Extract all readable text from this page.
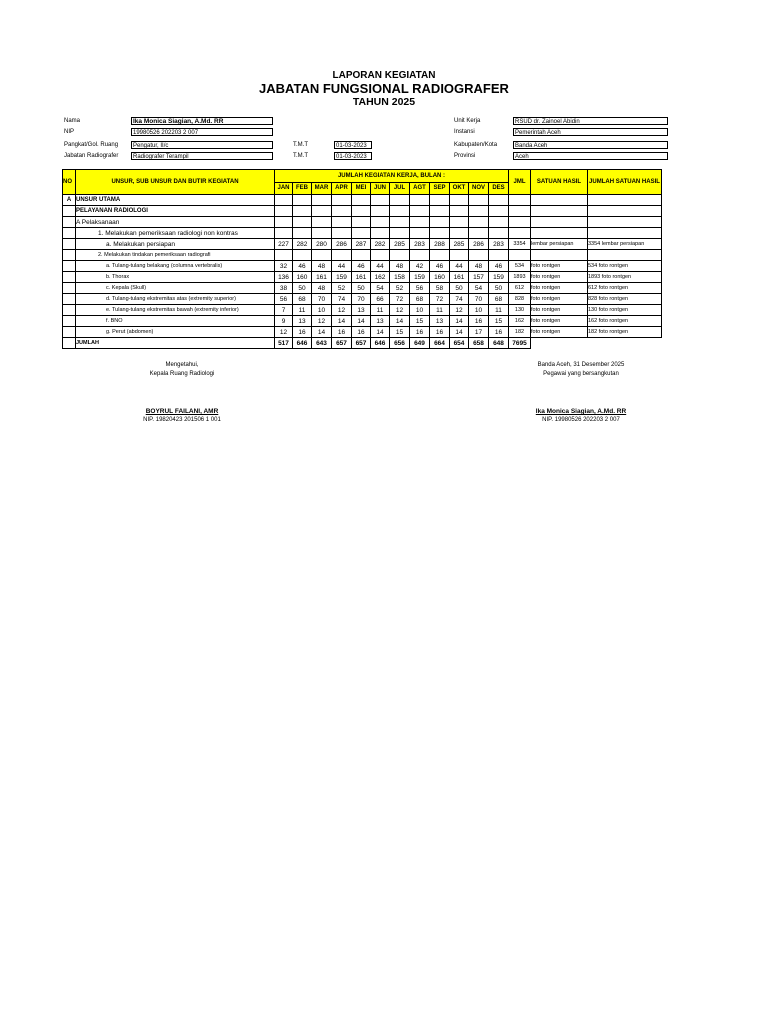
LAPORAN KEGIATAN
JABATAN FUNGSIONAL RADIOGRAFER
TAHUN 2025
Nama	Ika Monica Siagian, A.Md. RR
NIP	19980526 202203 2 007
Pangkat/Gol. Ruang	Pengatur, II/c
Jabatan Radiografer	Radiografer Terampil
T.M.T	01-03-2023
T.M.T	01-03-2023
Unit Kerja	RSUD dr. Zainoel Abidin
Instansi	Pemerintah Aceh
Kabupaten/Kota	Banda Aceh
Provinsi	Aceh
NO	UNSUR, SUB UNSUR DAN BUTIR KEGIATAN	JUMLAH KEGIATAN KERJA, BULAN :												JML	SATUAN HASIL	JUMLAH SATUAN HASIL
		JAN	FEB	MAR	APR	MEI	JUN	JUL	AGT	SEP	OKT	NOV	DES			
A	UNSUR UTAMA															
	PELAYANAN RADIOLOGI															
	A Pelaksanaan															
	1. Melakukan pemeriksaan radiologi non kontras															
	a. Melakukan persiapan	227	282	280	286	287	282	285	283	288	285	286	283	3354	lembar persiapan	3354 lembar persiapan
	2. Melakukan tindakan pemeriksaan radiografi															
	a. Tulang-tulang belakang (columna vertebralis)	32	46	48	44	46	44	48	42	46	44	48	46	534	foto rontgen	534 foto rontgen
	b. Thorax	136	160	161	159	161	162	158	159	160	161	157	159	1893	foto rontgen	1893 foto rontgen
	c. Kepala (Skull)	38	50	48	52	50	54	52	56	58	50	54	50	612	foto rontgen	612 foto rontgen
	d. Tulang-tulang ekstremitas atas (extremity superior)	56	68	70	74	70	66	72	68	72	74	70	68	828	foto rontgen	828 foto rontgen
	e. Tulang-tulang ekstremitas bawah (extremity inferior)	7	11	10	12	13	11	12	10	11	12	10	11	130	foto rontgen	130 foto rontgen
	f. BNO	9	13	12	14	14	13	14	15	13	14	16	15	162	foto rontgen	162 foto rontgen
	g. Perut (abdomen)	12	16	14	16	16	14	15	16	16	14	17	16	182	foto rontgen	182 foto rontgen
	JUMLAH	517	646	643	657	657	646	656	649	664	654	658	648	7695		
Mengetahui,
Kepala Ruang Radiologi
BOYRUL FAILANI, AMR
NIP. 19820423 201506 1 001
Banda Aceh, 31 Desember 2025
Pegawai yang bersangkutan
Ika Monica Siagian, A.Md. RR
NIP. 19980526 202203 2 007
